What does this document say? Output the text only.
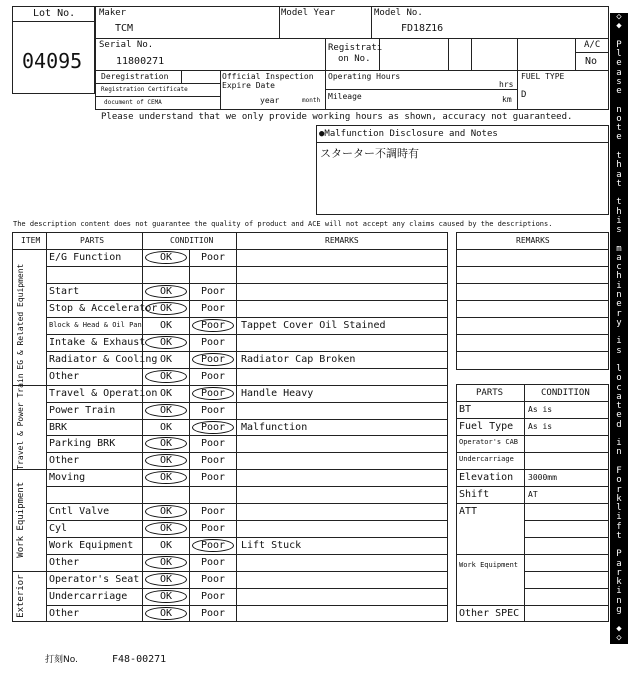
Lot No.
04095
Maker
TCM
Model Year	Model No.
FD18Z16
Serial No.
11800271
Registrati
on No.
A/C
No
Deregistration
Registration Certificate
document of CEMA
Official Inspection
Expire Date
year	month
Operating Hours
hrs
Mileage	km
FUEL TYPE
D
Please understand that we only provide working hours as shown, accuracy not guaranteed.
●Malfunction Disclosure and Notes
スターター不調時有
The description content does not guarantee the quality of product and ACE will not accept any claims caused by the descriptions.
ITEM	PARTS	CONDITION	REMARKS
EG & Related Equipment
Travel & Power Train
Work Equipment
Exterior
E/G Function	OK	Poor
Start	OK	Poor
Stop & Accelerator OK	Poor
Block & Head & Oil Pan	OK	Poor	Tappet Cover Oil Stained
Intake & Exhaust	OK	Poor
Radiator & Cooling OK	Poor	Radiator Cap Broken
Other	OK	Poor
Travel & Operation OK	Poor	Handle Heavy
Power Train	OK	Poor
BRK	OK	Poor	Malfunction
Parking BRK	OK	Poor
Other	OK	Poor
Moving	OK	Poor
Cntl Valve	OK	Poor
Cyl	OK	Poor
Work Equipment	OK	Poor	Lift Stuck
Other	OK	Poor
Operator's Seat	OK	Poor
Undercarriage	OK	Poor
Other	OK	Poor
REMARKS
PARTS	CONDITION
BT	As is
Fuel Type As is
Operator's CAB
Undercarriage
Elevation 3000mm
Shift	AT
ATT
Work Equipment
Other SPEC
◇
◆

P
l
e
a
s
e

n
o
t
e

t
h
a
t

t
h
i
s

m
a
c
h
i
n
e
r
y

i
s

l
o
c
a
t
e
d

i
n

F
o
r
k
l
i
f
t

P
a
r
k
i
n
g

◆
◇
打刻No.	F48-00271
